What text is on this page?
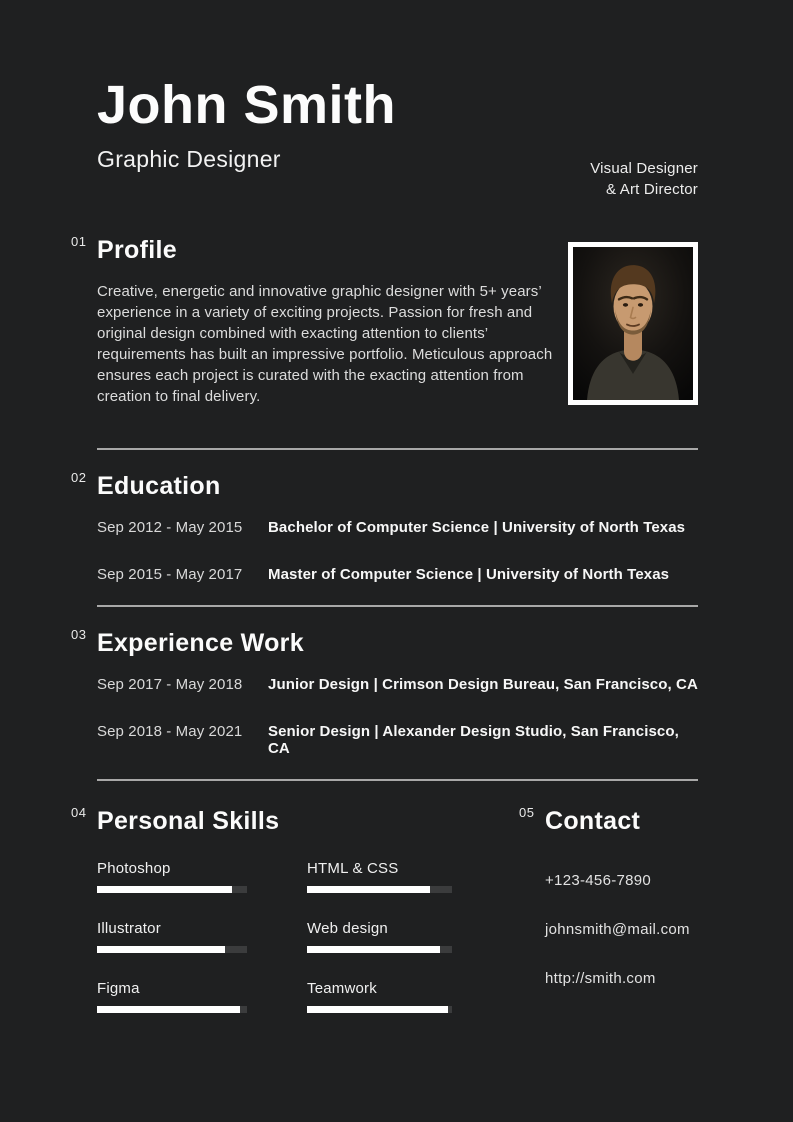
John Smith
Graphic Designer	Visual Designer
& Art Director
01 Profile

Creative, energetic and innovative graphic designer with 5+ years’ experience in a variety of exciting projects. Passion for fresh and original design combined with exacting attention to clients’ requirements has built an impressive portfolio. Meticulous approach ensures each project is curated with the exacting attention from creation to final delivery.

02 Education
Sep 2012 - May 2015	Bachelor of Computer Science | University of North Texas
Sep 2015 - May 2017	Master of Computer Science | University of North Texas
03 Experience Work
Sep 2017 - May 2018	Junior Design | Crimson Design Bureau, San Francisco, CA
Sep 2018 - May 2021	Senior Design | Alexander Design Studio, San Francisco, CA
04 Personal Skills
Photoshop	HTML & CSS
Illustrator	Web design
Figma	Teamwork
05 Contact
+123-456-7890
johnsmith@mail.com
http://smith.com
